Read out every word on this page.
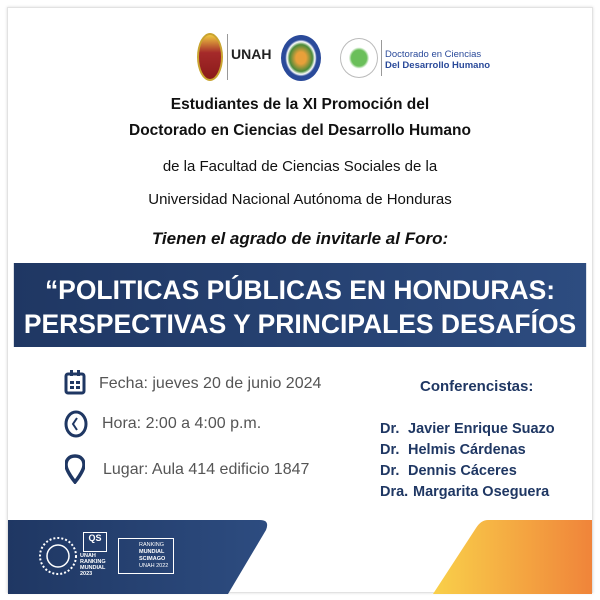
UNAH	Doctorado en Ciencias
Del Desarrollo Humano
Estudiantes de la XI Promoción del
Doctorado en Ciencias del Desarrollo Humano
de la Facultad de Ciencias Sociales de la
Universidad Nacional Autónoma de Honduras
Tienen el agrado de invitarle al Foro:
“POLITICAS PÚBLICAS EN HONDURAS:
PERSPECTIVAS Y PRINCIPALES DESAFÍOS
Fecha: jueves 20 de junio 2024
Hora: 2:00 a 4:00 p.m.
Lugar: Aula 414 edificio 1847
Conferencistas:
Dr. Javier Enrique Suazo
Dr. Helmis Cárdenas
Dr. Dennis Cáceres
Dra. Margarita Oseguera
QS
UNAH RANKING MUNDIAL 2023
RANKING
MUNDIAL
SCIMAGO
UNAH 2022
